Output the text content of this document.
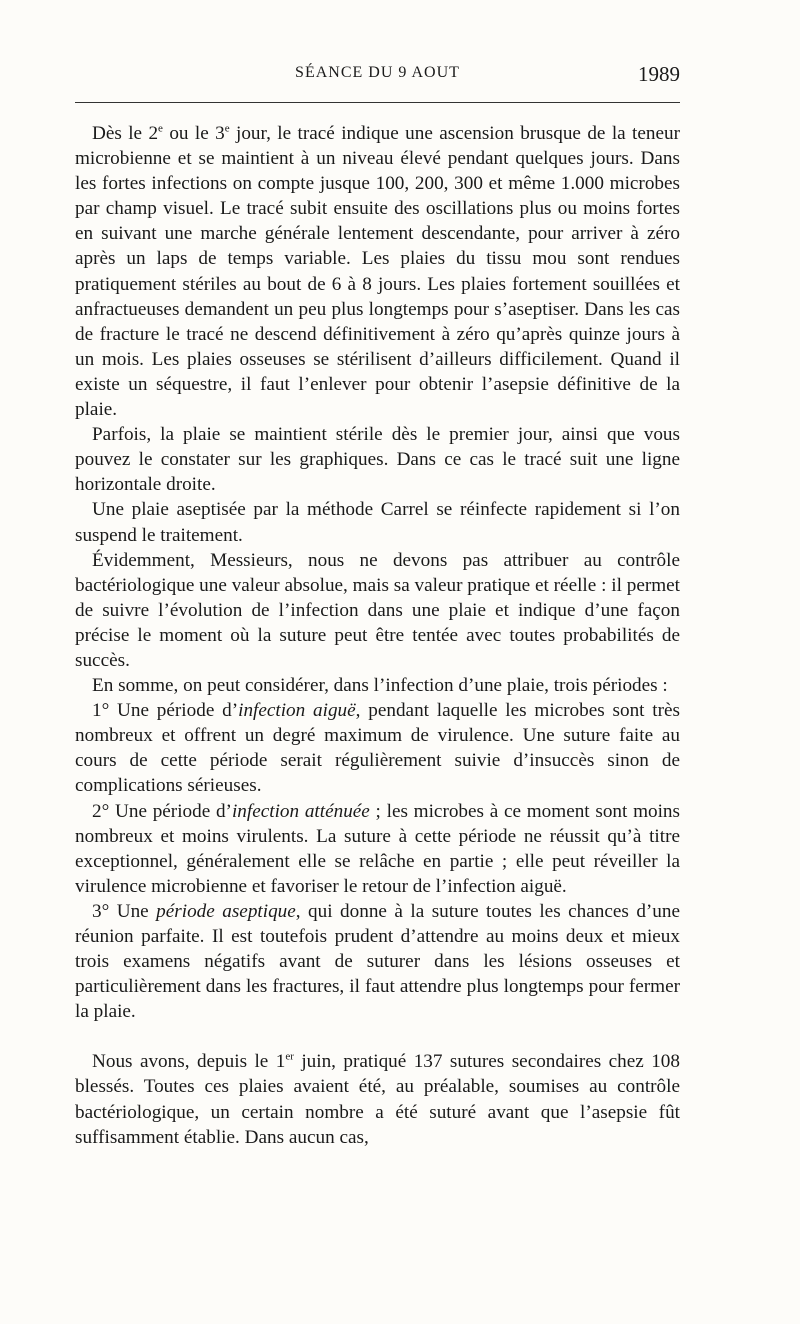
SÉANCE DU 9 AOUT	1989

Dès le 2e ou le 3e jour, le tracé indique une ascension brusque de la teneur microbienne et se maintient à un niveau élevé pendant quelques jours. Dans les fortes infections on compte jusque 100, 200, 300 et même 1.000 microbes par champ visuel. Le tracé subit ensuite des oscillations plus ou moins fortes en suivant une marche générale lentement descendante, pour arriver à zéro après un laps de temps variable. Les plaies du tissu mou sont rendues pratiquement stériles au bout de 6 à 8 jours. Les plaies fortement souillées et anfractueuses demandent un peu plus longtemps pour s’aseptiser. Dans les cas de fracture le tracé ne descend définitivement à zéro qu’après quinze jours à un mois. Les plaies osseuses se stérilisent d’ailleurs difficilement. Quand il existe un séquestre, il faut l’enlever pour obtenir l’asepsie définitive de la plaie.

Parfois, la plaie se maintient stérile dès le premier jour, ainsi que vous pouvez le constater sur les graphiques. Dans ce cas le tracé suit une ligne horizontale droite.

Une plaie aseptisée par la méthode Carrel se réinfecte rapidement si l’on suspend le traitement.

Évidemment, Messieurs, nous ne devons pas attribuer au contrôle bactériologique une valeur absolue, mais sa valeur pratique et réelle : il permet de suivre l’évolution de l’infection dans une plaie et indique d’une façon précise le moment où la suture peut être tentée avec toutes probabilités de succès.

En somme, on peut considérer, dans l’infection d’une plaie, trois périodes :

1° Une période d’infection aiguë, pendant laquelle les microbes sont très nombreux et offrent un degré maximum de virulence. Une suture faite au cours de cette période serait régulièrement suivie d’insuccès sinon de complications sérieuses.

2° Une période d’infection atténuée ; les microbes à ce moment sont moins nombreux et moins virulents. La suture à cette période ne réussit qu’à titre exceptionnel, généralement elle se relâche en partie ; elle peut réveiller la virulence microbienne et favoriser le retour de l’infection aiguë.

3° Une période aseptique, qui donne à la suture toutes les chances d’une réunion parfaite. Il est toutefois prudent d’attendre au moins deux et mieux trois examens négatifs avant de suturer dans les lésions osseuses et particulièrement dans les fractures, il faut attendre plus longtemps pour fermer la plaie.

Nous avons, depuis le 1er juin, pratiqué 137 sutures secondaires chez 108 blessés. Toutes ces plaies avaient été, au préalable, soumises au contrôle bactériologique, un certain nombre a été suturé avant que l’asepsie fût suffisamment établie. Dans aucun cas,
